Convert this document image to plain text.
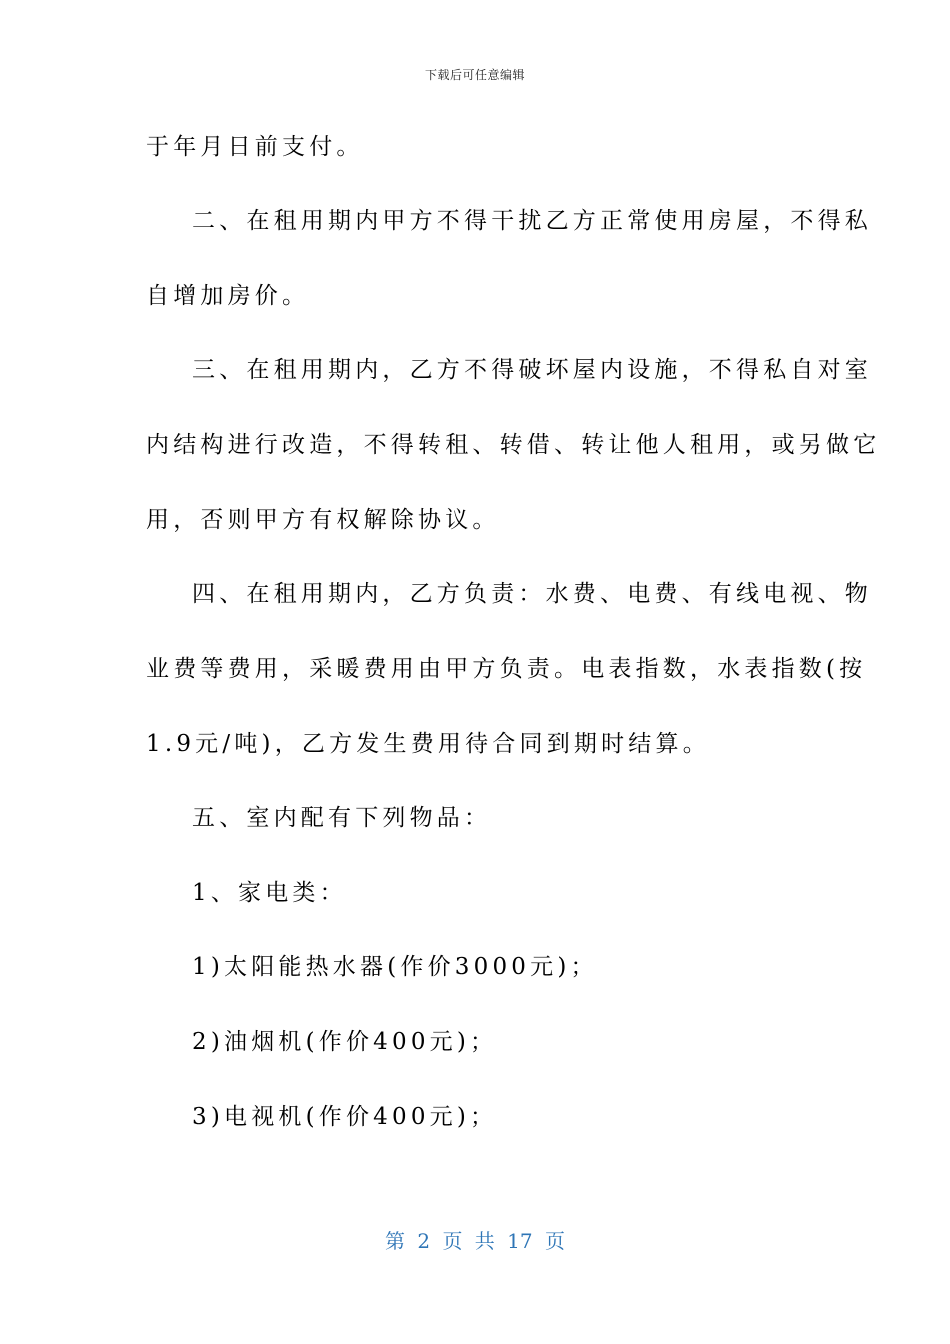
下载后可任意编辑
于年月日前支付。
二、在租用期内甲方不得干扰乙方正常使用房屋，不得私
自增加房价。
三、在租用期内，乙方不得破坏屋内设施，不得私自对室
内结构进行改造，不得转租、转借、转让他人租用，或另做它
用，否则甲方有权解除协议。
四、在租用期内，乙方负责：水费、电费、有线电视、物
业费等费用，采暖费用由甲方负责。电表指数，水表指数(按
1.9元/吨)，乙方发生费用待合同到期时结算。
五、室内配有下列物品：
1、家电类：
1)太阳能热水器(作价3000元)；
2)油烟机(作价400元)；
3)电视机(作价400元)；
第 2 页 共 17 页
